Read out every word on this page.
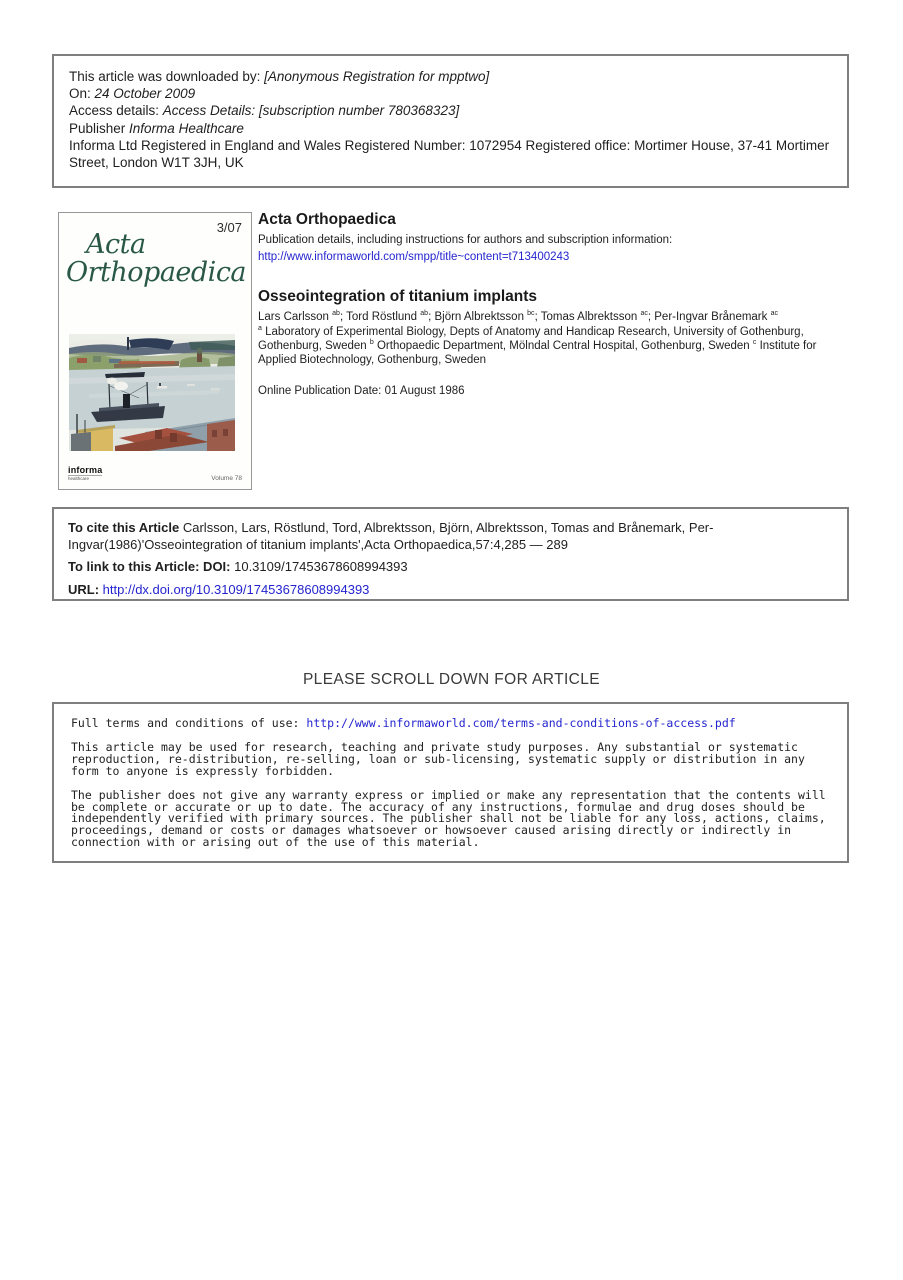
This article was downloaded by: [Anonymous Registration for mpptwo]
On: 24 October 2009
Access details: Access Details: [subscription number 780368323]
Publisher Informa Healthcare
Informa Ltd Registered in England and Wales Registered Number: 1072954 Registered office: Mortimer House, 37-41 Mortimer Street, London W1T 3JH, UK
3/07
Acta
Orthopaedica
informa
healthcare	Volume 78
Acta Orthopaedica
Publication details, including instructions for authors and subscription information:
http://www.informaworld.com/smpp/title~content=t713400243
Osseointegration of titanium implants
Lars Carlsson $^{ab}$; Tord Röstlund $^{ab}$; Björn Albrektsson $^{bc}$; Tomas Albrektsson $^{ac}$; Per-Ingvar Brånemark $^{ac}$
$^a$ Laboratory of Experimental Biology, Depts of Anatomy and Handicap Research, University of Gothenburg, Gothenburg, Sweden $^b$ Orthopaedic Department, Mölndal Central Hospital, Gothenburg, Sweden $^c$ Institute for Applied Biotechnology, Gothenburg, Sweden
Online Publication Date: 01 August 1986

To cite this Article Carlsson, Lars, Röstlund, Tord, Albrektsson, Björn, Albrektsson, Tomas and Brånemark, Per-Ingvar(1986)'Osseointegration of titanium implants',Acta Orthopaedica,57:4,285 — 289

To link to this Article: DOI: 10.3109/17453678608994393

URL: http://dx.doi.org/10.3109/17453678608994393

PLEASE SCROLL DOWN FOR ARTICLE

Full terms and conditions of use: http://www.informaworld.com/terms-and-conditions-of-access.pdf

This article may be used for research, teaching and private study purposes. Any substantial or systematic reproduction, re-distribution, re-selling, loan or sub-licensing, systematic supply or distribution in any form to anyone is expressly forbidden.

The publisher does not give any warranty express or implied or make any representation that the contents will be complete or accurate or up to date. The accuracy of any instructions, formulae and drug doses should be independently verified with primary sources. The publisher shall not be liable for any loss, actions, claims, proceedings, demand or costs or damages whatsoever or howsoever caused arising directly or indirectly in connection with or arising out of the use of this material.
